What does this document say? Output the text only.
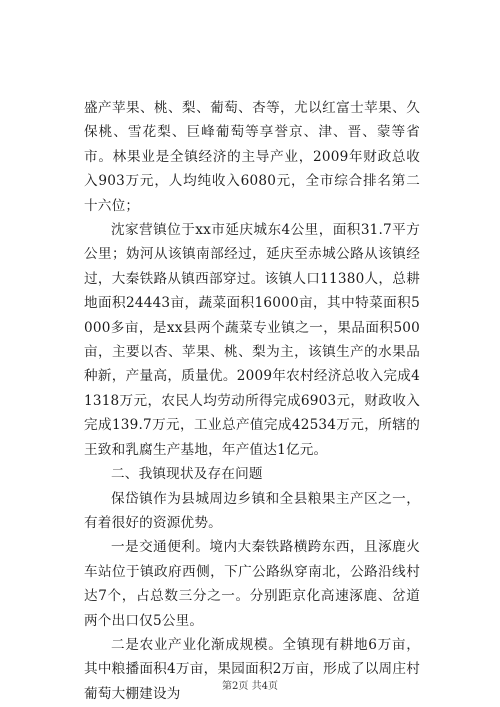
盛产苹果、桃、梨、葡萄、杏等，尤以红富士苹果、久保桃、雪花梨、巨峰葡萄等享誉京、津、晋、蒙等省市。林果业是全镇经济的主导产业，2009年财政总收入903万元，人均纯收入6080元，全市综合排名第二十六位；

沈家营镇位于xx市延庆城东4公里，面积31.7平方公里；妫河从该镇南部经过，延庆至赤城公路从该镇经过，大秦铁路从镇西部穿过。该镇人口11380人，总耕地面积24443亩，蔬菜面积16000亩，其中特菜面积5000多亩，是xx县两个蔬菜专业镇之一，果品面积500亩，主要以杏、苹果、桃、梨为主，该镇生产的水果品种新，产量高，质量优。2009年农村经济总收入完成41318万元，农民人均劳动所得完成6903元，财政收入完成139.7万元，工业总产值完成42534万元，所辖的王致和乳腐生产基地，年产值达1亿元。

二、我镇现状及存在问题

保岱镇作为县城周边乡镇和全县粮果主产区之一，有着很好的资源优势。

一是交通便利。境内大秦铁路横跨东西，且涿鹿火车站位于镇政府西侧，下广公路纵穿南北，公路沿线村达7个，占总数三分之一。分别距京化高速涿鹿、岔道两个出口仅5公里。

二是农业产业化渐成规模。全镇现有耕地6万亩，其中粮播面积4万亩，果园面积2万亩，形成了以周庄村葡萄大棚建设为	第2页 共4页
